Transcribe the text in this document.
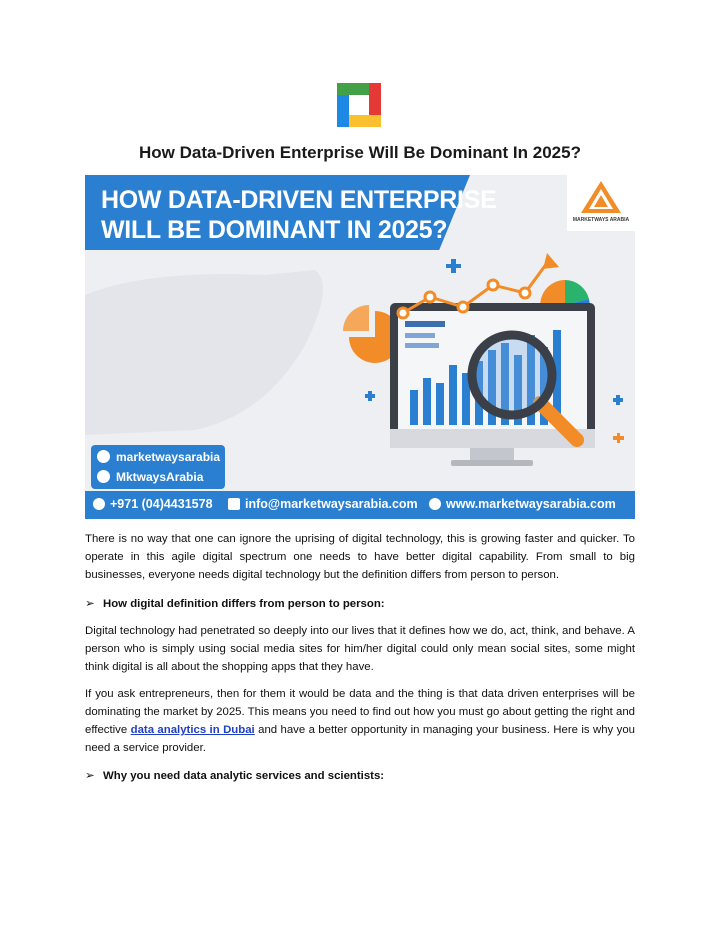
How Data-Driven Enterprise Will Be Dominant In 2025?
HOW DATA-DRIVEN ENTERPRISE
WILL BE DOMINANT IN 2025?	MARKETWAYS ARABIA
marketwaysarabia
MktwaysArabia
+971 (04)4431578	info@marketwaysarabia.com	www.marketwaysarabia.com

There is no way that one can ignore the uprising of digital technology, this is growing faster and quicker. To operate in this agile digital spectrum one needs to have better digital capability. From small to big businesses, everyone needs digital technology but the definition differs from person to person.

➢ How digital definition differs from person to person:

Digital technology had penetrated so deeply into our lives that it defines how we do, act, think, and behave. A person who is simply using social media sites for him/her digital could only mean social sites, some might think digital is all about the shopping apps that they have.

If you ask entrepreneurs, then for them it would be data and the thing is that data driven enterprises will be dominating the market by 2025. This means you need to find out how you must go about getting the right and effective data analytics in Dubai and have a better opportunity in managing your business. Here is why you need a service provider.

➢ Why you need data analytic services and scientists:
